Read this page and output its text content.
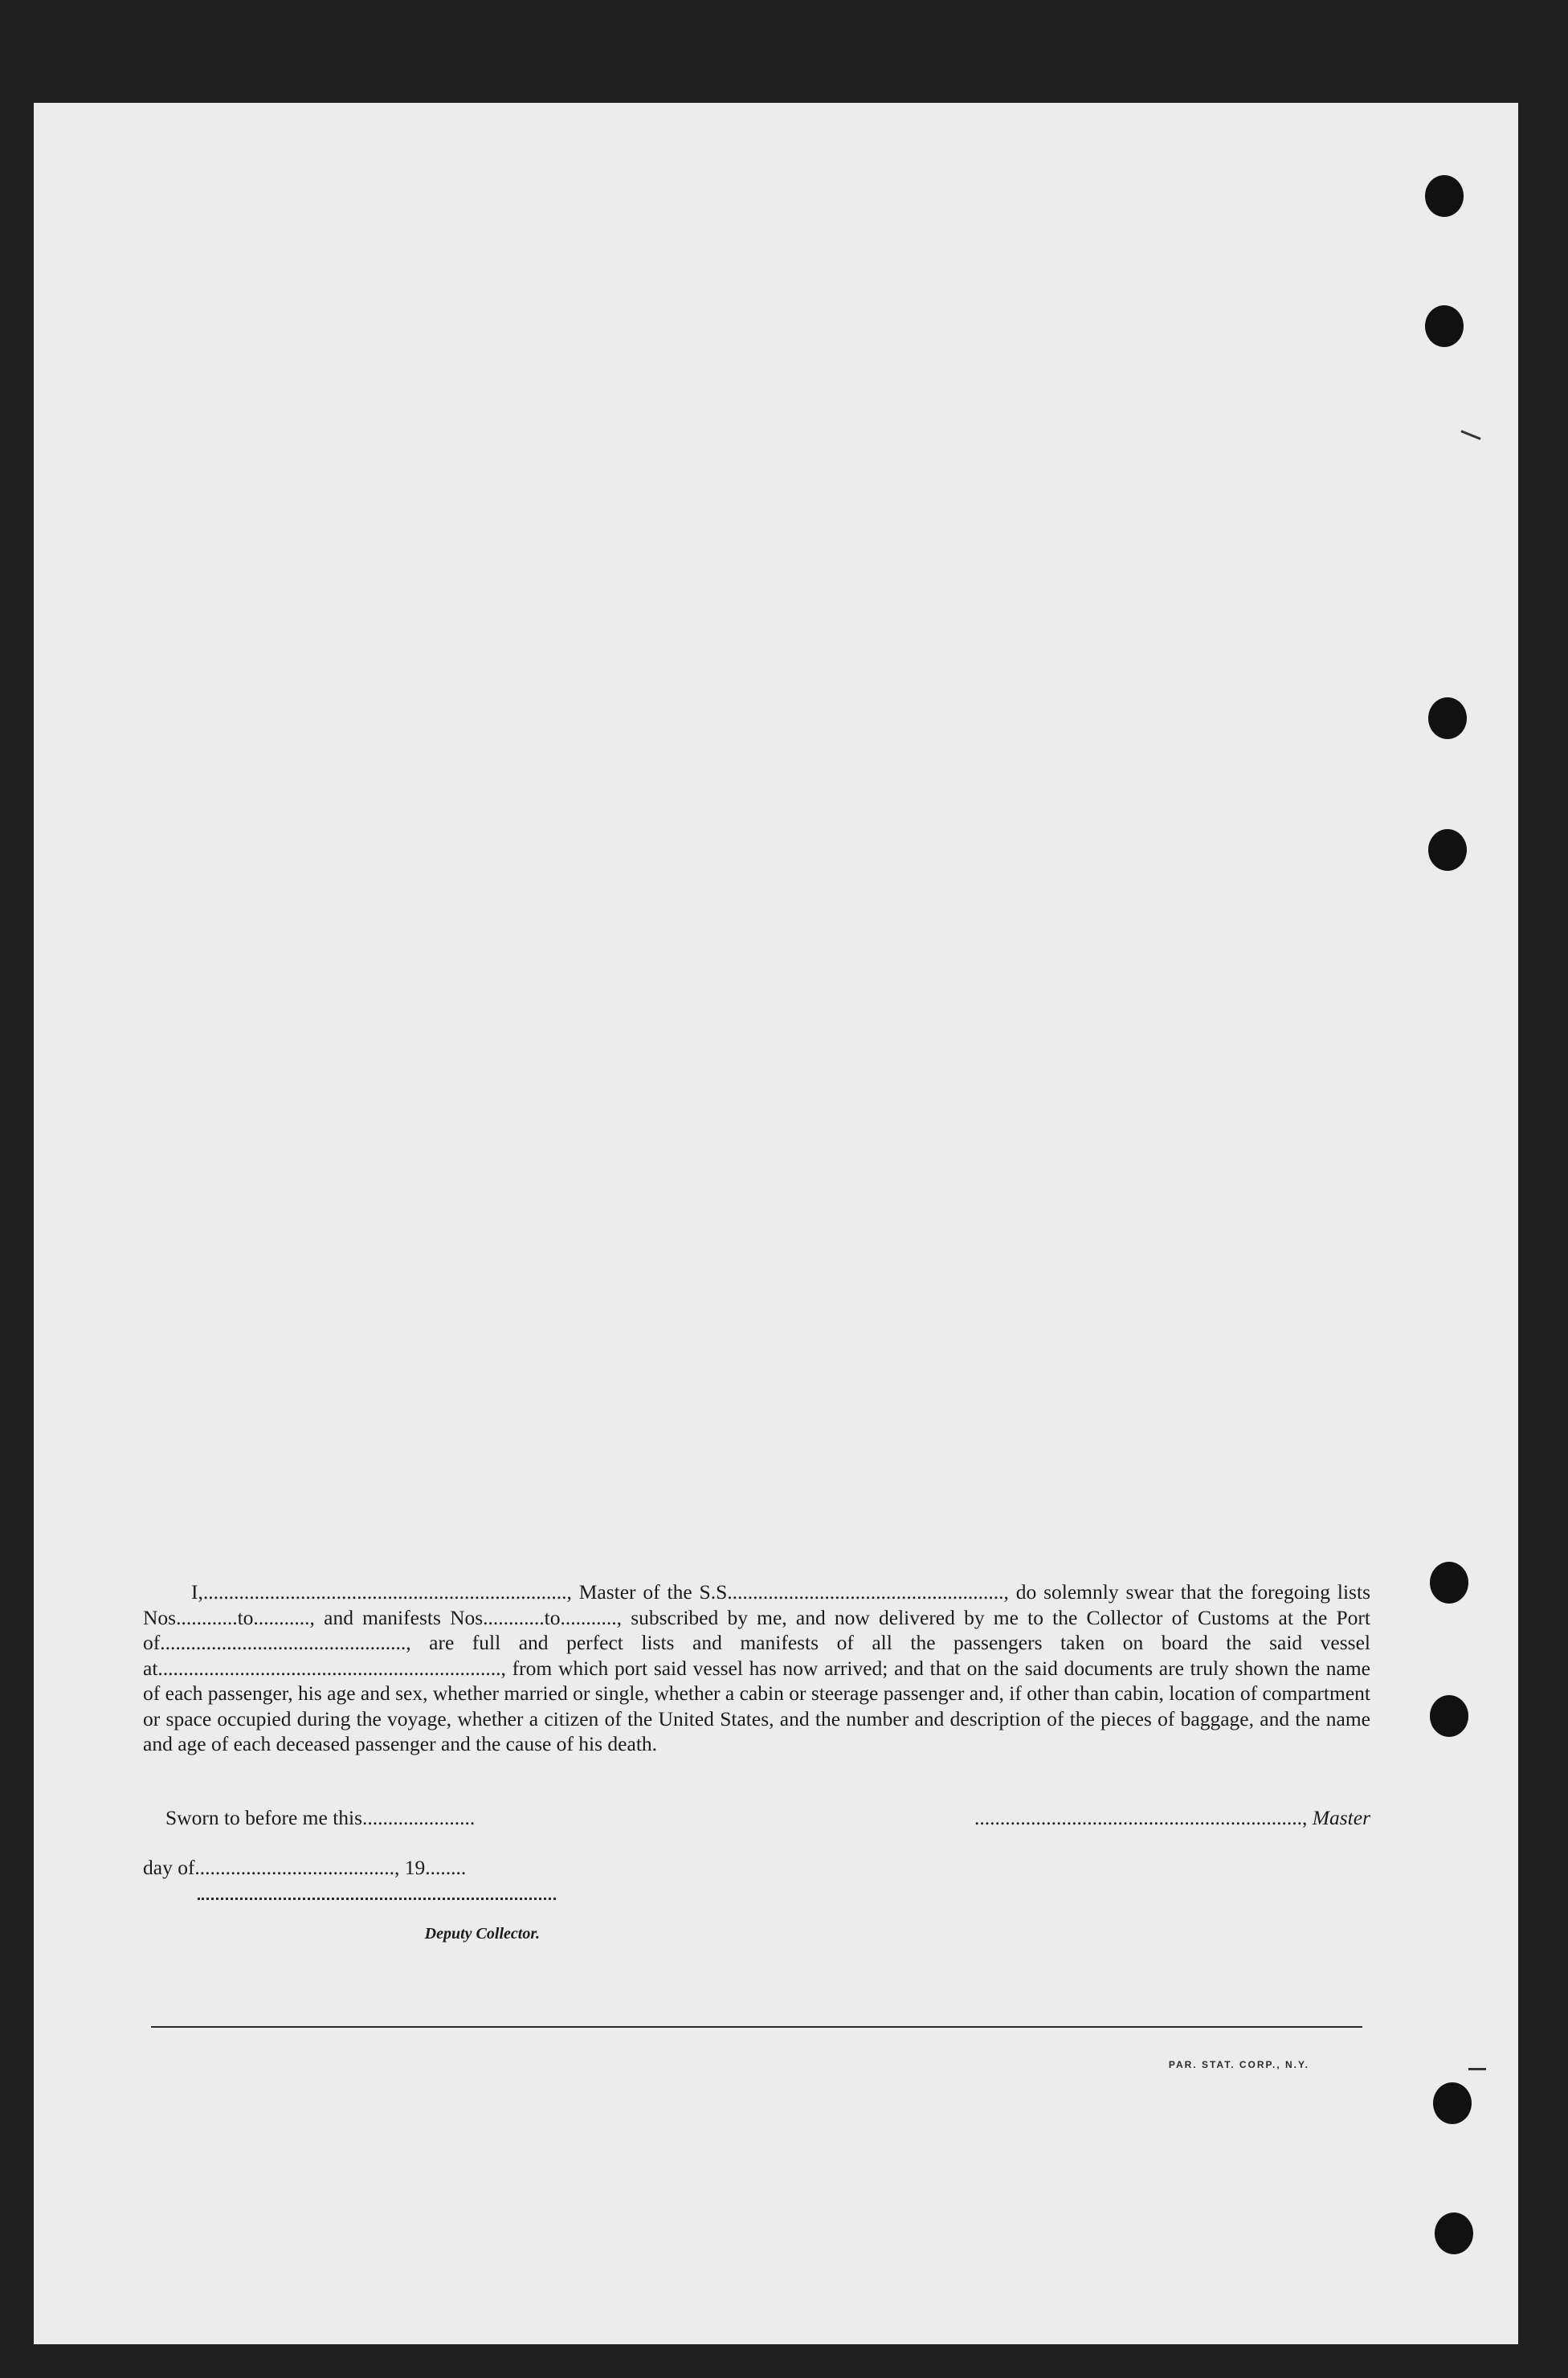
I,......................................................................., Master of the S.S......................................................, do solemnly swear that the foregoing lists Nos............to..........., and manifests Nos............to..........., subscribed by me, and now delivered by me to the Collector of Customs at the Port of................................................, are full and perfect lists and manifests of all the passengers taken on board the said vessel at..................................................................., from which port said vessel has now arrived; and that on the said documents are truly shown the name of each passenger, his age and sex, whether married or single, whether a cabin or steerage passenger and, if other than cabin, location of compartment or space occupied during the voyage, whether a citizen of the United States, and the number and description of the pieces of baggage, and the name and age of each deceased passenger and the cause of his death.

Sworn to before me this......................	................................................................, Master
day of......................................., 19........
Deputy Collector.
PAR. STAT. CORP., N.Y.
